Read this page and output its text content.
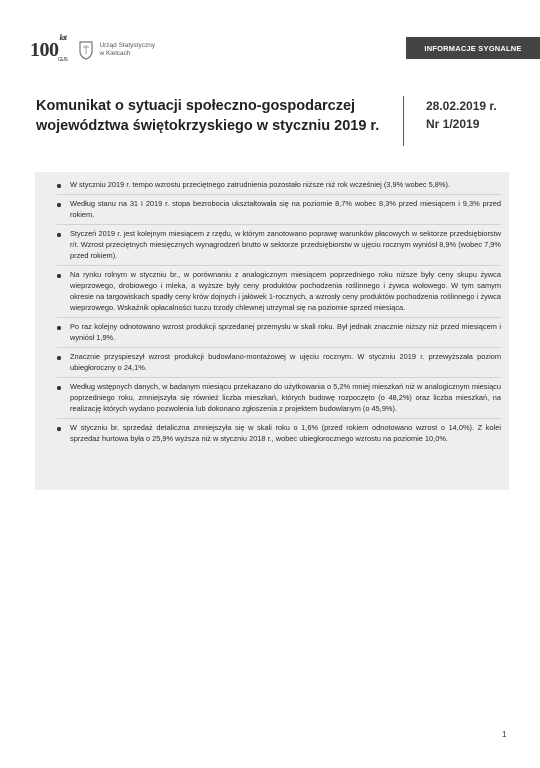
$100^{lat}$
GUS
Urząd Statystyczny
w Kielcach
INFORMACJE SYGNALNE
Komunikat o sytuacji społeczno-gospodarczej
województwa świętokrzyskiego w styczniu 2019 r.
28.02.2019 r.
Nr 1/2019
W styczniu 2019 r. tempo wzrostu przeciętnego zatrudnienia pozostało niższe niż rok wcześniej (3,9% wobec 5,8%).
Według stanu na 31 I 2019 r. stopa bezrobocia ukształtowała się na poziomie 8,7% wobec 8,3% przed miesiącem i 9,3% przed rokiem.
Styczeń 2019 r. jest kolejnym miesiącem z rzędu, w którym zanotowano poprawę warunków płacowych w sektorze przedsiębiorstw r/r. Wzrost przeciętnych miesięcznych wynagrodzeń brutto w sektorze przedsiębiorstw w ujęciu rocznym wyniósł 8,9% (wobec 7,9% przed rokiem).
Na rynku rolnym w styczniu br., w porównaniu z analogicznym miesiącem poprzedniego roku niższe były ceny skupu żywca wieprzowego, drobiowego i mleka, a wyższe były ceny produktów pochodzenia roślinnego i żywca wołowego. W tym samym okresie na targowiskach spadły ceny krów dojnych i jałówek 1-rocznych, a wzrosły ceny produktów pochodzenia roślinnego i żywca wieprzowego. Wskaźnik opłacalności tuczu trzody chlewnej utrzymał się na poziomie sprzed miesiąca.
Po raz kolejny odnotowano wzrost produkcji sprzedanej przemysłu w skali roku. Był jednak znacznie niższy niż przed miesiącem i wyniósł 1,9%.
Znacznie przyspieszył wzrost produkcji budowlano-montażowej w ujęciu rocznym. W styczniu 2019 r. przewyższała poziom ubiegłoroczny o 24,1%.
Według wstępnych danych, w badanym miesiącu przekazano do użytkowania o 5,2% mniej mieszkań niż w analogicznym miesiącu poprzedniego roku, zmniejszyła się również liczba mieszkań, których budowę rozpoczęto (o 48,2%) oraz liczba mieszkań, na realizację których wydano pozwolenia lub dokonano zgłoszenia z projektem budowlanym (o 45,9%).
W styczniu br. sprzedaż detaliczna zmniejszyła się w skali roku o 1,6% (przed rokiem odnotowano wzrost o 14,0%). Z kolei sprzedaż hurtowa była o 25,9% wyższa niż w styczniu 2018 r., wobec ubiegłorocznego wzrostu na poziomie 10,0%.
1
